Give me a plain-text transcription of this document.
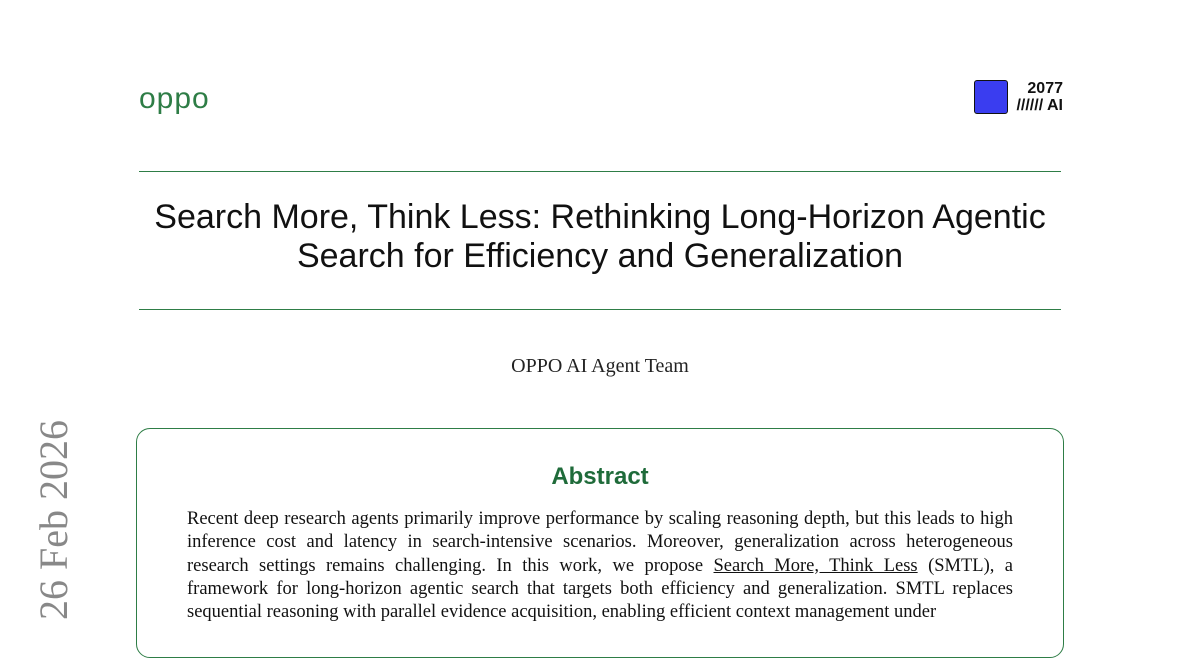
oppo	2077
////// AI
Search More, Think Less: Rethinking Long-Horizon Agentic
Search for Efficiency and Generalization
OPPO AI Agent Team
26 Feb 2026	Abstract

Recent deep research agents primarily improve performance by scaling reasoning depth, but this leads to high inference cost and latency in search-intensive scenarios. Moreover, generalization across heterogeneous research settings remains challenging. In this work, we propose Search More, Think Less (SMTL), a framework for long-horizon agentic search that targets both efficiency and generalization. SMTL replaces sequential reasoning with parallel evidence acquisition, enabling efficient context management under
